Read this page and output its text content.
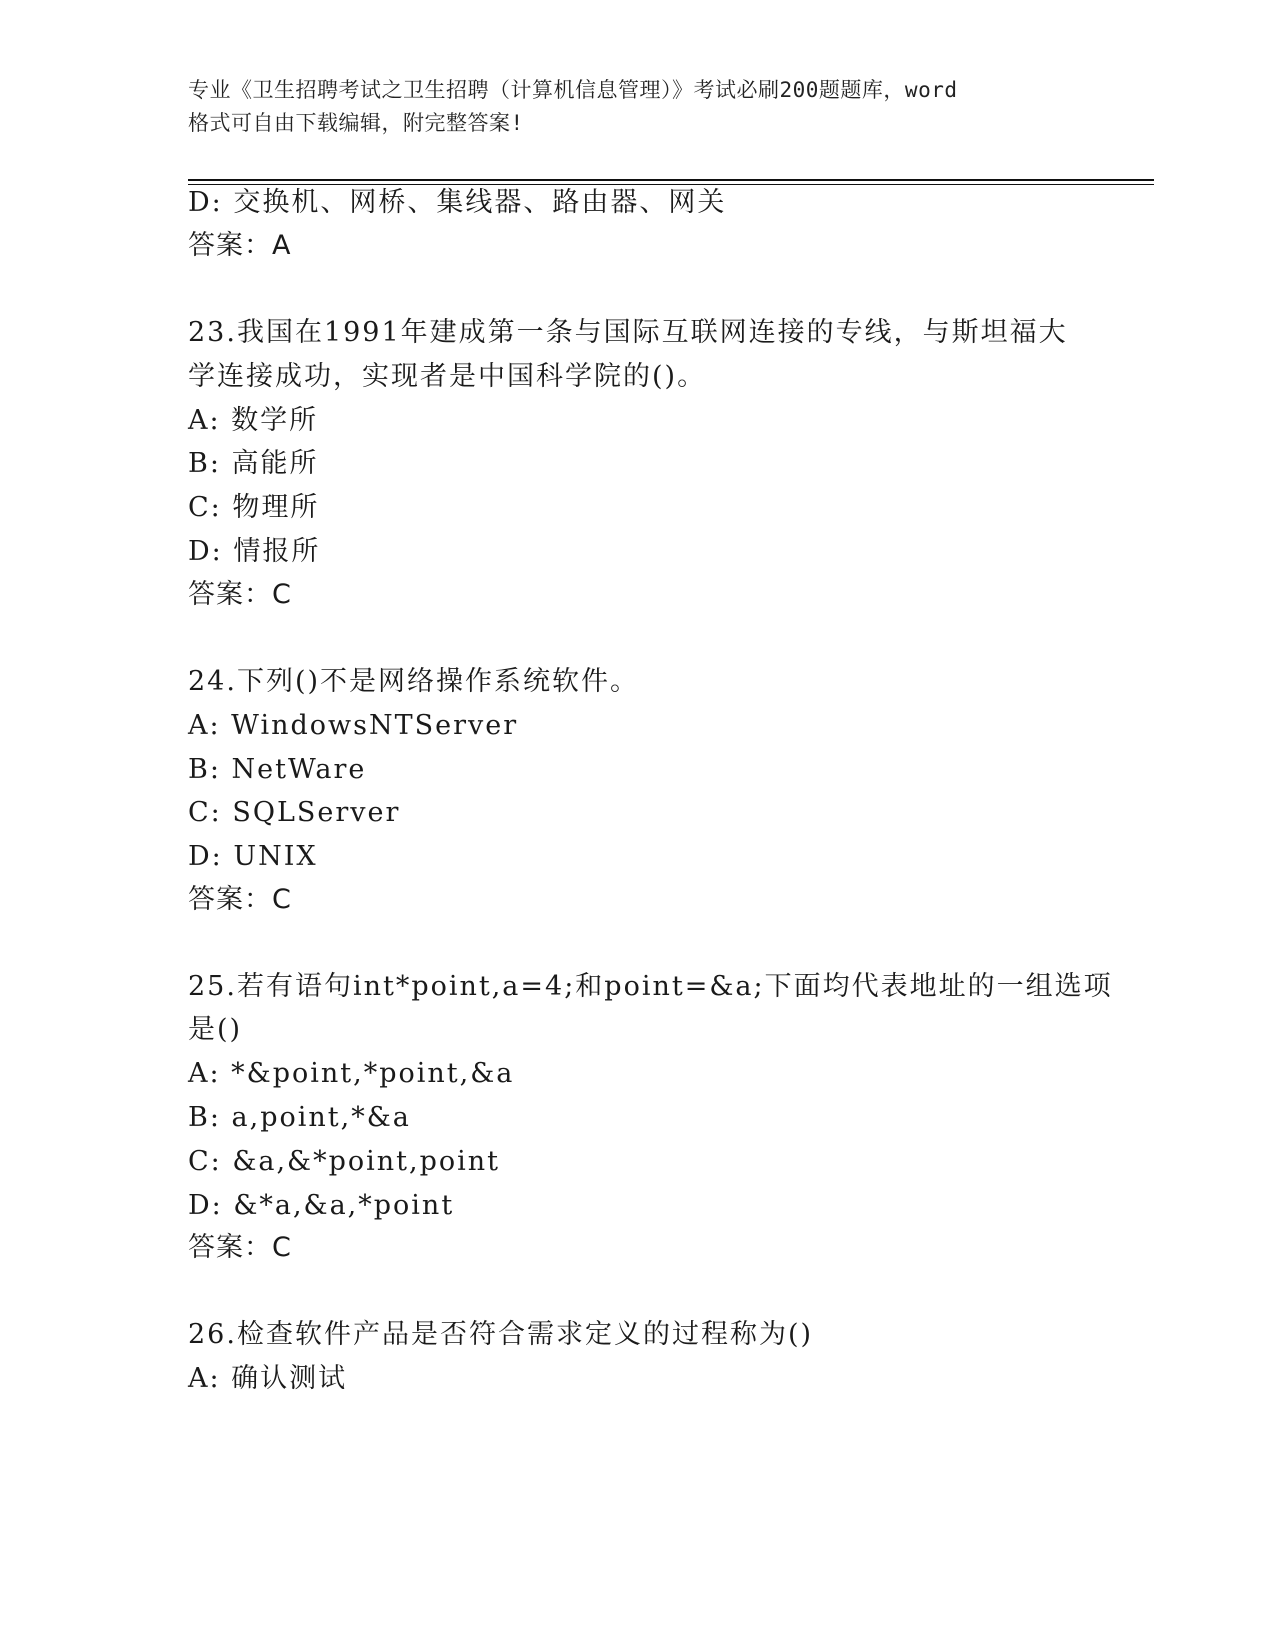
专业《卫生招聘考试之卫生招聘（计算机信息管理）》考试必刷200题题库，word
格式可自由下载编辑，附完整答案!
D: 交换机、网桥、集线器、路由器、网关
答案：A
23.我国在1991年建成第一条与国际互联网连接的专线，与斯坦福大
学连接成功，实现者是中国科学院的()。
A: 数学所
B: 高能所
C: 物理所
D: 情报所
答案：C
24.下列()不是网络操作系统软件。
A: WindowsNTServer
B: NetWare
C: SQLServer
D: UNIX
答案：C
25.若有语句int*point,a=4;和point=&a;下面均代表地址的一组选项
是()
A: *&point,*point,&a
B: a,point,*&a
C: &a,&*point,point
D: &*a,&a,*point
答案：C
26.检查软件产品是否符合需求定义的过程称为()
A: 确认测试
